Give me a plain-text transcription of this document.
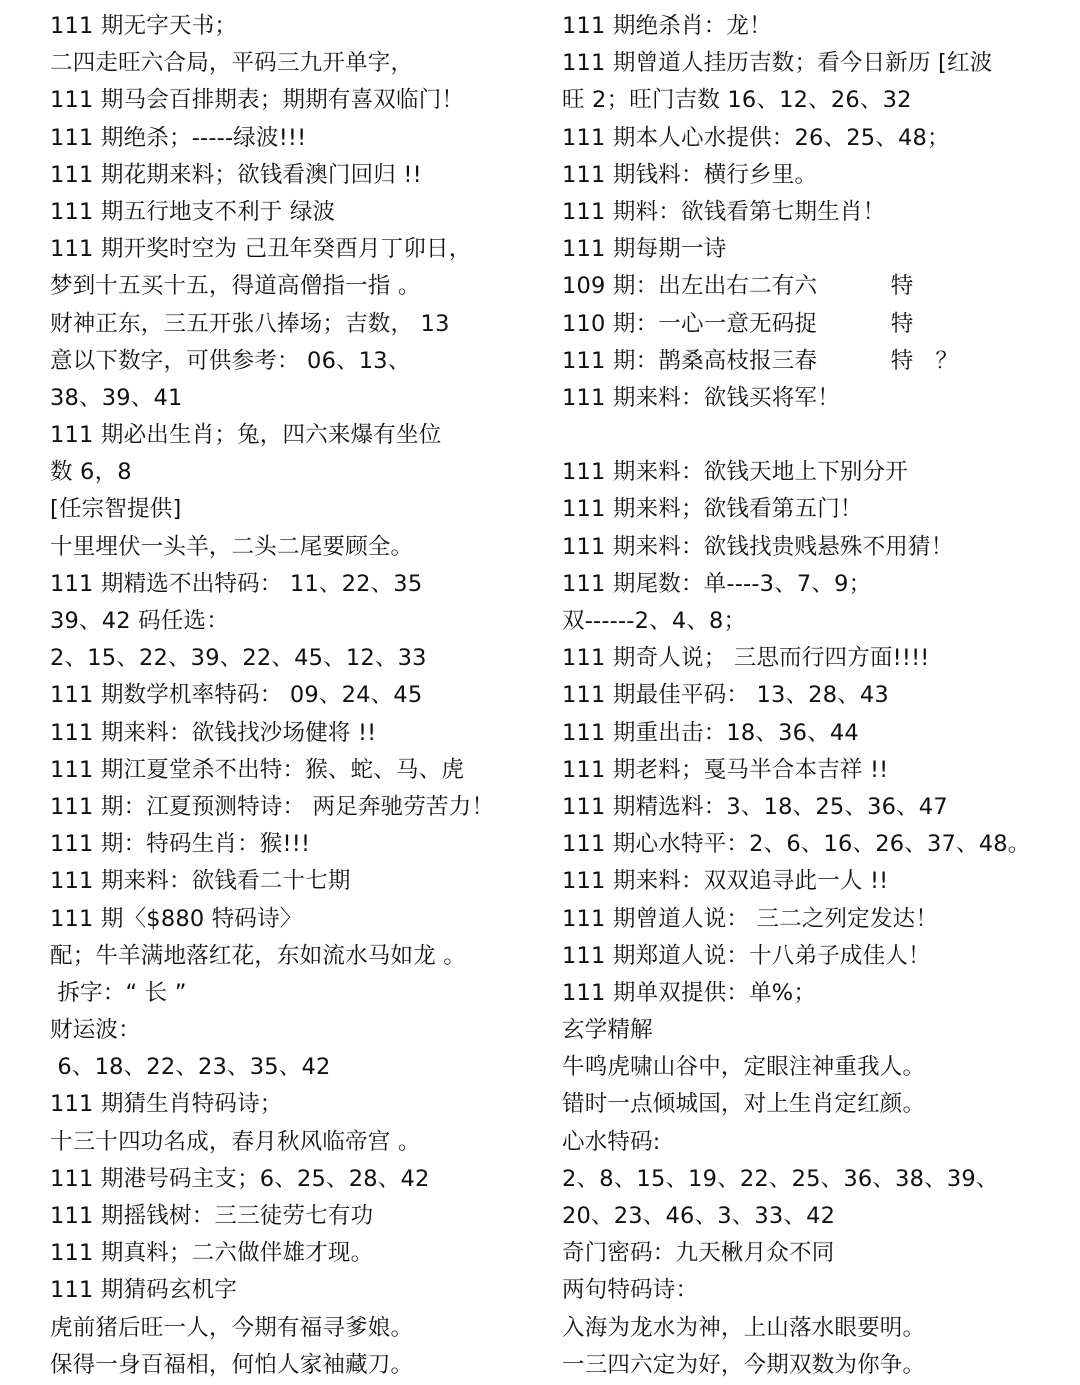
111 期无字天书；
二四走旺六合局，平码三九开单字，
111 期马会百排期表；期期有喜双临门！
111 期绝杀；-----绿波!!!
111 期花期来料；欲钱看澳门回归 !!
111 期五行地支不利于 绿波
111 期开奖时空为 己丑年癸酉月丁卯日，
梦到十五买十五，得道高僧指一指 。
财神正东，三五开张八捧场；吉数， 13
意以下数字，可供参考： 06、13、
38、39、41
111 期必出生肖；兔，四六来爆有坐位
数 6，8
[任宗智提供]
十里埋伏一头羊，二头二尾要顾全。
111 期精选不出特码： 11、22、35
39、42 码任选：
2、15、22、39、22、45、12、33
111 期数学机率特码： 09、24、45
111 期来料：欲钱找沙场健将 !!
111 期江夏堂杀不出特：猴、蛇、马、虎
111 期：江夏预测特诗： 两足奔驰劳苦力！
111 期：特码生肖：猴!!!
111 期来料：欲钱看二十七期
111 期〈$880 特码诗〉
配；牛羊满地落红花，东如流水马如龙 。
拆字：“ 长 ”
财运波：
6、18、22、23、35、42
111 期猜生肖特码诗；
十三十四功名成，春月秋风临帝宫 。
111 期港号码主支；6、25、28、42
111 期摇钱树：三三徒劳七有功
111 期真料；二六做伴雄才现。
111 期猜码玄机字
虎前猪后旺一人，今期有福寻爹娘。
保得一身百福相，何怕人家袖藏刀。
111 期绝杀肖：龙！
111 期曾道人挂历吉数；看今日新历 [红波
旺 2；旺门吉数 16、12、26、32
111 期本人心水提供：26、25、48；
111 期钱料：横行乡里。
111 期料：欲钱看第七期生肖！
111 期每期一诗
109 期：出左出右二有六          特
110 期：一心一意无码捉          特
111 期：鹊桑高枝报三春          特   ？
111 期来料：欲钱买将军！
111 期来料：欲钱天地上下别分开
111 期来料；欲钱看第五门！
111 期来料：欲钱找贵贱悬殊不用猜！
111 期尾数：单----3、7、9；
双------2、4、8；
111 期奇人说； 三思而行四方面!!!!
111 期最佳平码： 13、28、43
111 期重出击：18、36、44
111 期老料；戛马半合本吉祥 !!
111 期精选料：3、18、25、36、47
111 期心水特平：2、6、16、26、37、48。
111 期来料：双双追寻此一人 !!
111 期曾道人说： 三二之列定发达！
111 期郑道人说：十八弟子成佳人！
111 期单双提供：单%；
玄学精解
牛鸣虎啸山谷中，定眼注神重我人。
错时一点倾城国，对上生肖定红颜。
心水特码:
2、8、15、19、22、25、36、38、39、
20、23、46、3、33、42
奇门密码：九天楸月众不同
两句特码诗：
入海为龙水为神，上山落水眼要明。
一三四六定为好，今期双数为你争。
